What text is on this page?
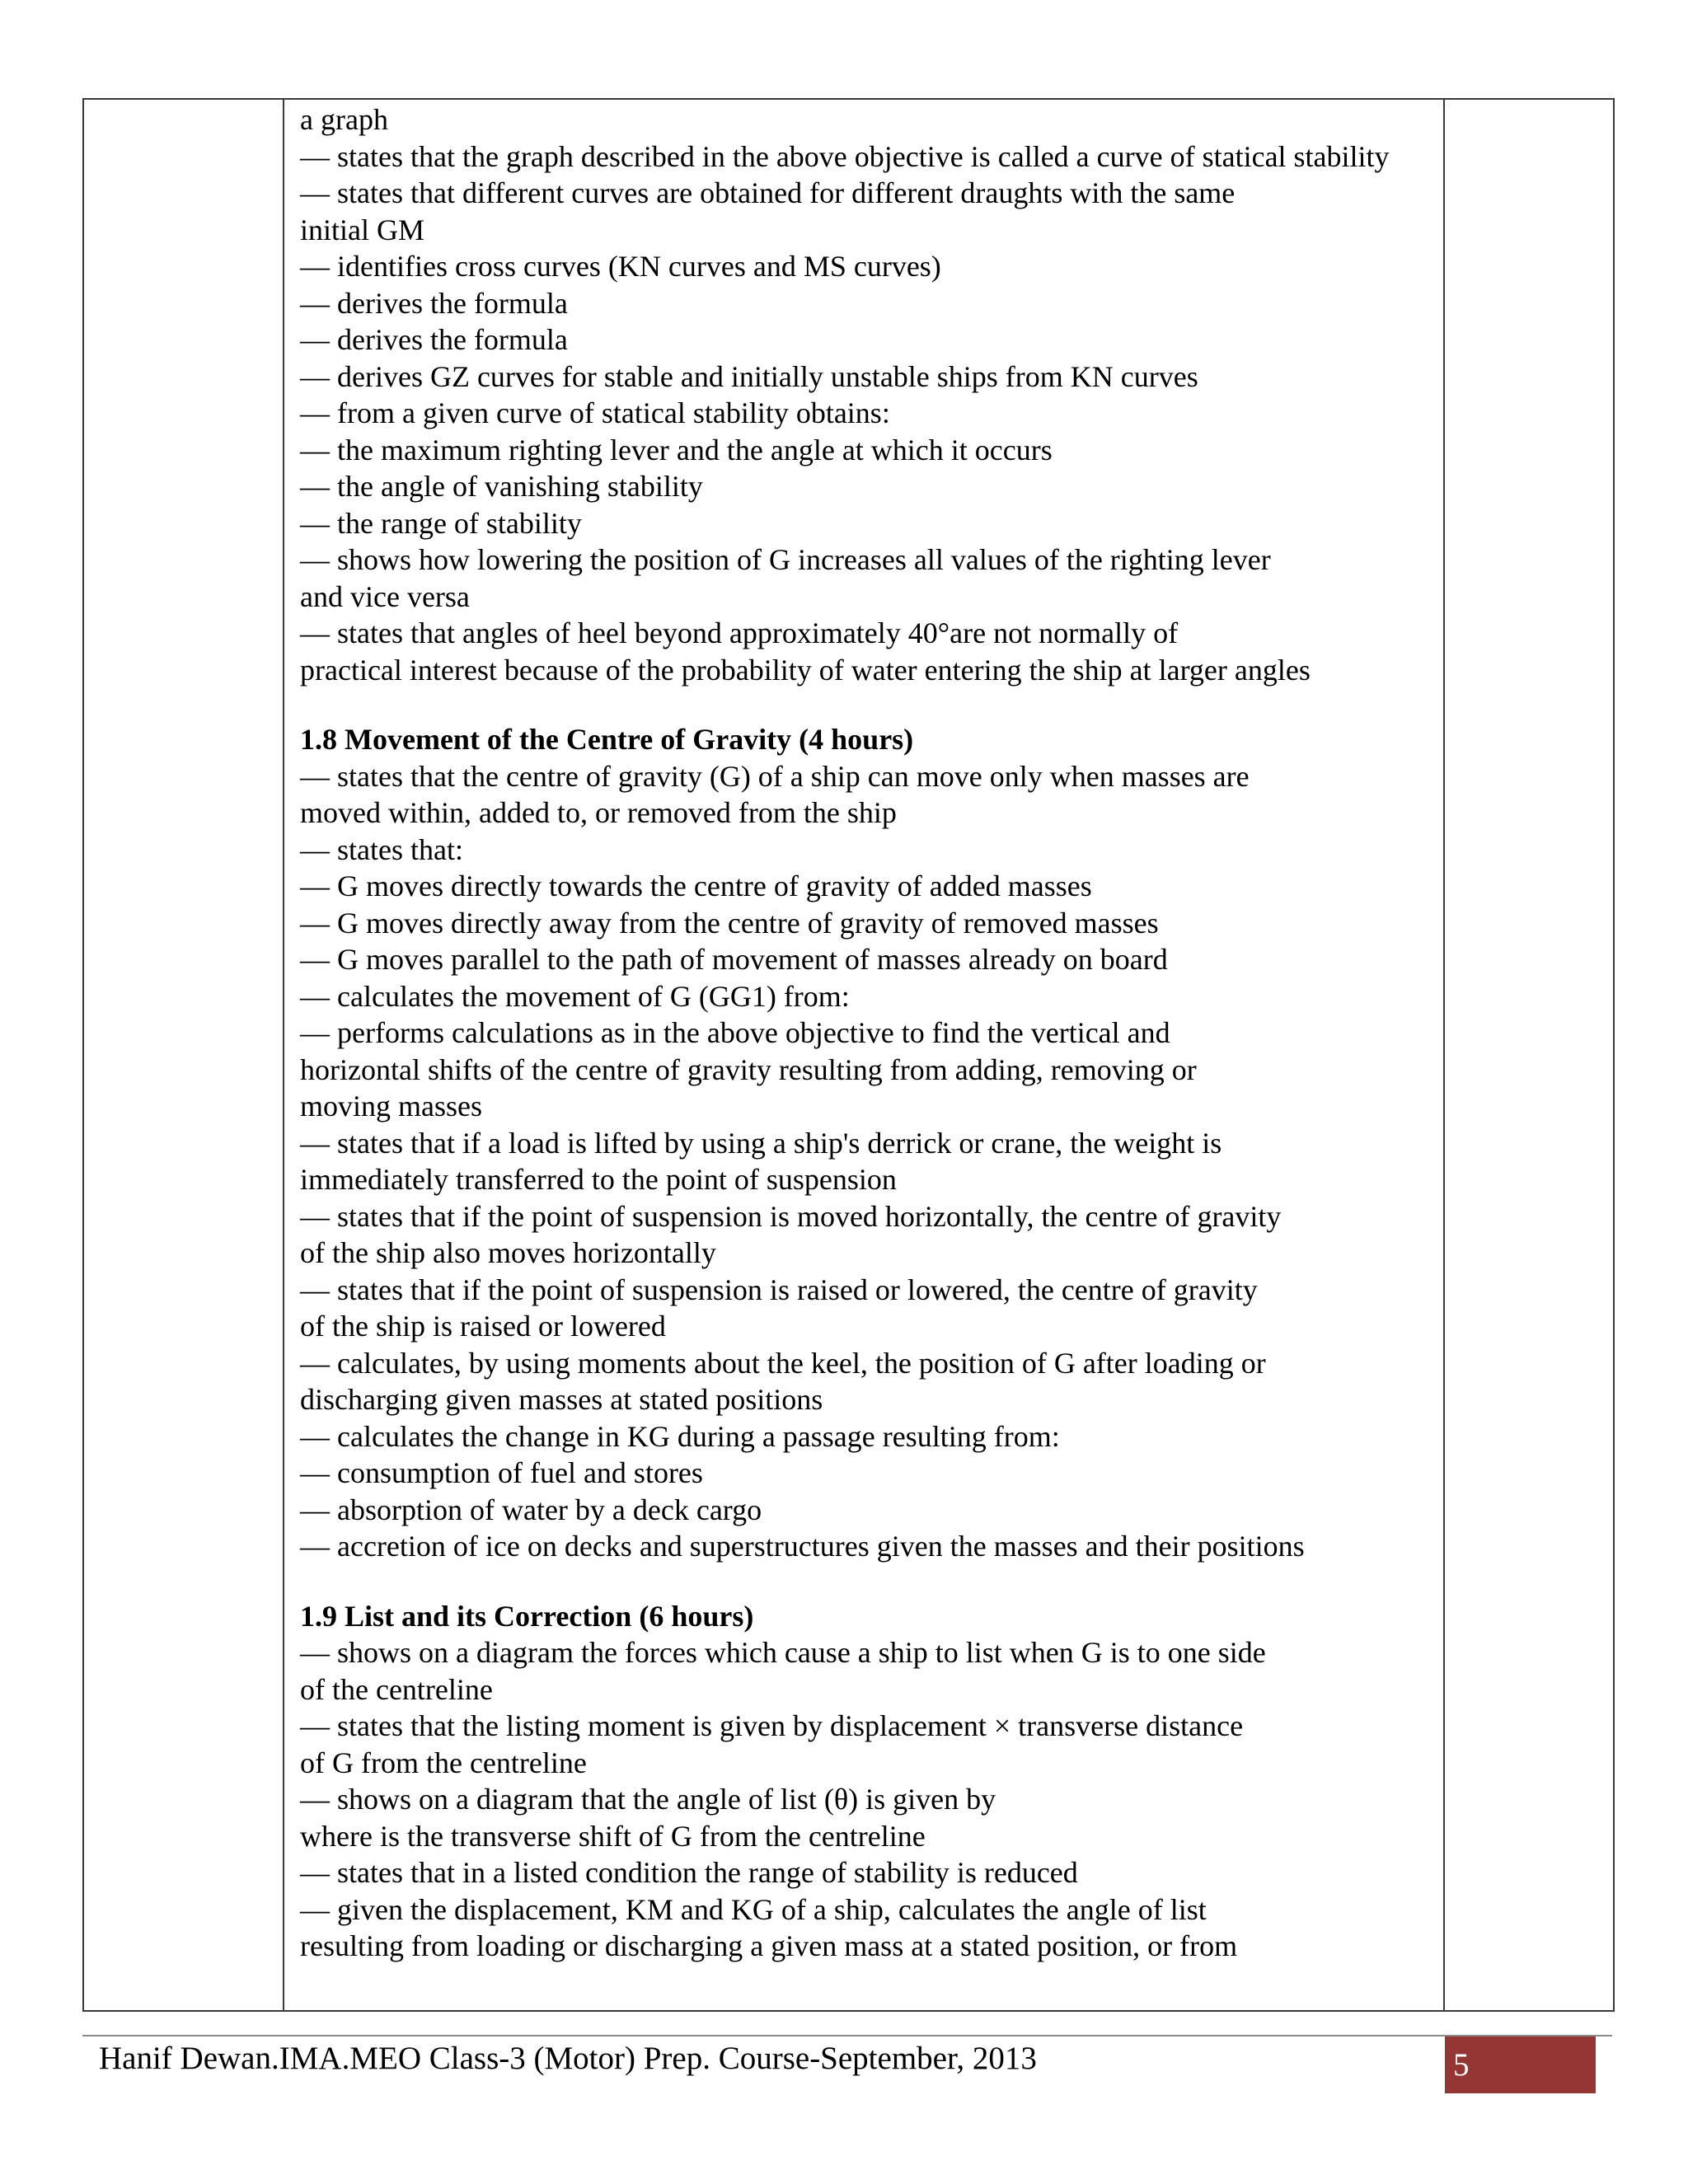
a graph
— states that the graph described in the above objective is called a curve of statical stability
— states that different curves are obtained for different draughts with the same
initial GM
— identifies cross curves (KN curves and MS curves)
— derives the formula
— derives the formula
— derives GZ curves for stable and initially unstable ships from KN curves
— from a given curve of statical stability obtains:
— the maximum righting lever and the angle at which it occurs
— the angle of vanishing stability
— the range of stability
— shows how lowering the position of G increases all values of the righting lever
and vice versa
— states that angles of heel beyond approximately 40°are not normally of
practical interest because of the probability of water entering the ship at larger angles
1.8 Movement of the Centre of Gravity (4 hours)
— states that the centre of gravity (G) of a ship can move only when masses are
moved within, added to, or removed from the ship
— states that:
— G moves directly towards the centre of gravity of added masses
— G moves directly away from the centre of gravity of removed masses
— G moves parallel to the path of movement of masses already on board
— calculates the movement of G (GG1) from:
— performs calculations as in the above objective to find the vertical and
horizontal shifts of the centre of gravity resulting from adding, removing or
moving masses
— states that if a load is lifted by using a ship's derrick or crane, the weight is
immediately transferred to the point of suspension
— states that if the point of suspension is moved horizontally, the centre of gravity
of the ship also moves horizontally
— states that if the point of suspension is raised or lowered, the centre of gravity
of the ship is raised or lowered
— calculates, by using moments about the keel, the position of G after loading or
discharging given masses at stated positions
— calculates the change in KG during a passage resulting from:
— consumption of fuel and stores
— absorption of water by a deck cargo
— accretion of ice on decks and superstructures given the masses and their positions
1.9 List and its Correction (6 hours)
— shows on a diagram the forces which cause a ship to list when G is to one side
of the centreline
— states that the listing moment is given by displacement × transverse distance
of G from the centreline
— shows on a diagram that the angle of list (θ) is given by
where is the transverse shift of G from the centreline
— states that in a listed condition the range of stability is reduced
— given the displacement, KM and KG of a ship, calculates the angle of list
resulting from loading or discharging a given mass at a stated position, or from
Hanif Dewan.IMA.MEO Class-3 (Motor) Prep. Course-September, 2013	5
